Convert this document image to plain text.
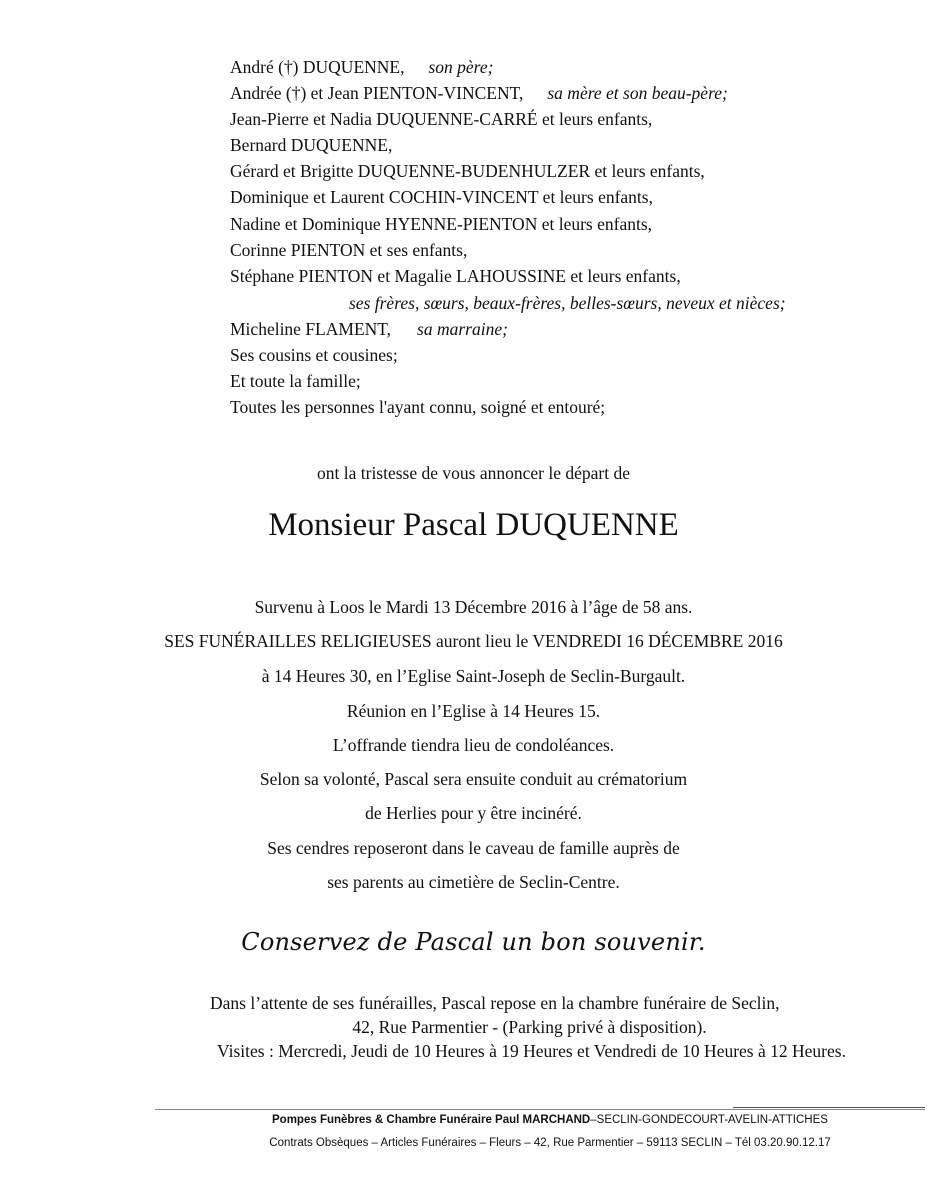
André (†) DUQUENNE, son père;
Andrée (†) et Jean PIENTON-VINCENT, sa mère et son beau-père;
Jean-Pierre et Nadia DUQUENNE-CARRÉ et leurs enfants,
Bernard DUQUENNE,
Gérard et Brigitte DUQUENNE-BUDENHULZER et leurs enfants,
Dominique et Laurent COCHIN-VINCENT et leurs enfants,
Nadine et Dominique HYENNE-PIENTON et leurs enfants,
Corinne PIENTON et ses enfants,
Stéphane PIENTON et Magalie LAHOUSSINE et leurs enfants,
ses frères, sœurs, beaux-frères, belles-sœurs, neveux et nièces;
Micheline FLAMENT, sa marraine;
Ses cousins et cousines;
Et toute la famille;
Toutes les personnes l'ayant connu, soigné et entouré;
ont la tristesse de vous annoncer le départ de
Monsieur Pascal DUQUENNE
Survenu à Loos le Mardi 13 Décembre 2016 à l’âge de 58 ans.
SES FUNÉRAILLES RELIGIEUSES auront lieu le VENDREDI 16 DÉCEMBRE 2016
à 14 Heures 30, en l’Eglise Saint-Joseph de Seclin-Burgault.
Réunion en l’Eglise à 14 Heures 15.
L’offrande tiendra lieu de condoléances.
Selon sa volonté, Pascal sera ensuite conduit au crématorium
de Herlies pour y être incinéré.
Ses cendres reposeront dans le caveau de famille auprès de
ses parents au cimetière de Seclin-Centre.
Conservez de Pascal un bon souvenir.
Dans l’attente de ses funérailles, Pascal repose en la chambre funéraire de Seclin,
42, Rue Parmentier - (Parking privé à disposition).
Visites : Mercredi, Jeudi de 10 Heures à 19 Heures et Vendredi de 10 Heures à 12 Heures.
Pompes Funèbres & Chambre Funéraire Paul MARCHAND–SECLIN-GONDECOURT-AVELIN-ATTICHES
Contrats Obsèques – Articles Funéraires – Fleurs – 42, Rue Parmentier – 59113 SECLIN – Tél 03.20.90.12.17
